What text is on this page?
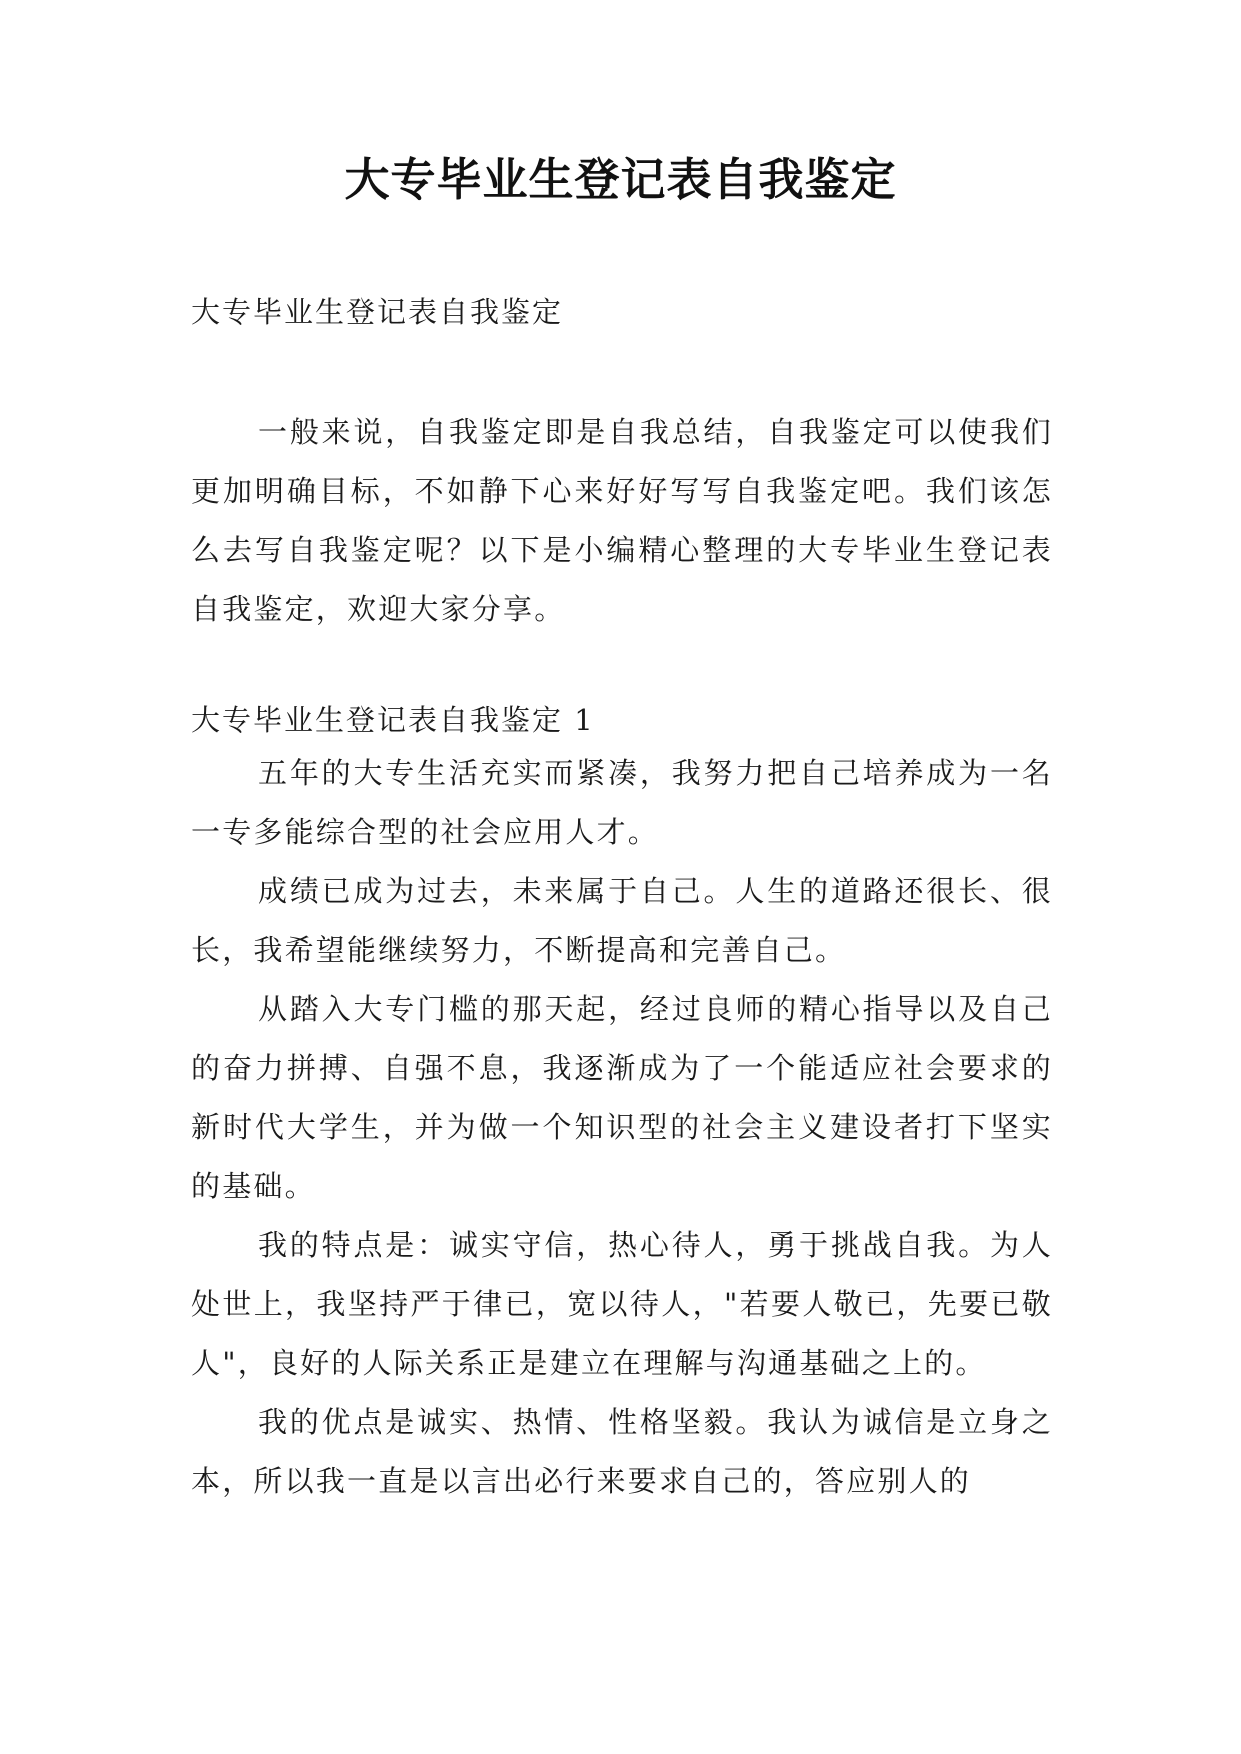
大专毕业生登记表自我鉴定
大专毕业生登记表自我鉴定

一般来说，自我鉴定即是自我总结，自我鉴定可以使我们更加明确目标，不如静下心来好好写写自我鉴定吧。我们该怎么去写自我鉴定呢？以下是小编精心整理的大专毕业生登记表自我鉴定，欢迎大家分享。

大专毕业生登记表自我鉴定 1

五年的大专生活充实而紧凑，我努力把自己培养成为一名一专多能综合型的社会应用人才。

成绩已成为过去，未来属于自己。人生的道路还很长、很长，我希望能继续努力，不断提高和完善自己。

从踏入大专门槛的那天起，经过良师的精心指导以及自己的奋力拼搏、自强不息，我逐渐成为了一个能适应社会要求的新时代大学生，并为做一个知识型的社会主义建设者打下坚实的基础。

我的特点是：诚实守信，热心待人，勇于挑战自我。为人处世上，我坚持严于律已，宽以待人，"若要人敬已，先要已敬人"，良好的人际关系正是建立在理解与沟通基础之上的。

我的优点是诚实、热情、性格坚毅。我认为诚信是立身之本，所以我一直是以言出必行来要求自己的，答应别人的
